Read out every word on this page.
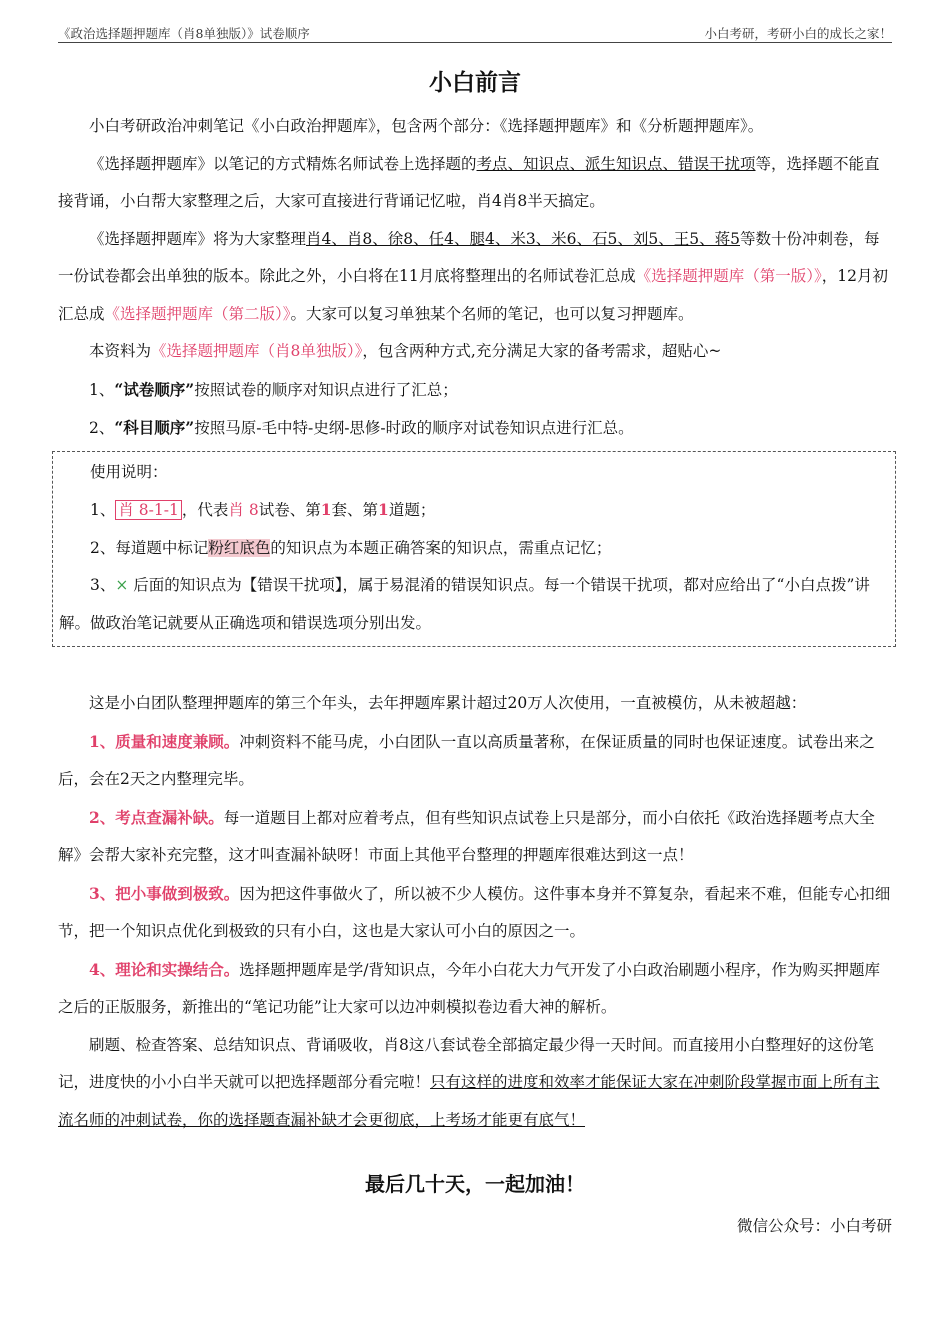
《政治选择题押题库（肖8单独版）》试卷顺序	小白考研，考研小白的成长之家！
小白前言

小白考研政治冲刺笔记《小白政治押题库》，包含两个部分：《选择题押题库》和《分析题押题库》。

《选择题押题库》以笔记的方式精炼名师试卷上选择题的考点、知识点、派生知识点、错误干扰项等，选择题不能直接背诵，小白帮大家整理之后，大家可直接进行背诵记忆啦，肖4肖8半天搞定。

《选择题押题库》将为大家整理肖4、肖8、徐8、任4、腿4、米3、米6、石5、刘5、王5、蒋5等数十份冲刺卷，每一份试卷都会出单独的版本。除此之外，小白将在11月底将整理出的名师试卷汇总成《选择题押题库（第一版）》，12月初汇总成《选择题押题库（第二版）》。大家可以复习单独某个名师的笔记，也可以复习押题库。

本资料为《选择题押题库（肖8单独版）》，包含两种方式,充分满足大家的备考需求，超贴心~

1、“试卷顺序”按照试卷的顺序对知识点进行了汇总；

2、“科目顺序”按照马原-毛中特-史纲-思修-时政的顺序对试卷知识点进行汇总。

使用说明：

1、 肖 8-1-1 ，代表肖 8试卷、第1套、第1道题；

2、每道题中标记粉红底色的知识点为本题正确答案的知识点，需重点记忆；

3、× 后面的知识点为【错误干扰项】，属于易混淆的错误知识点。每一个错误干扰项，都对应给出了“小白点拨”讲解。做政治笔记就要从正确选项和错误选项分别出发。

这是小白团队整理押题库的第三个年头，去年押题库累计超过20万人次使用，一直被模仿，从未被超越：

1、质量和速度兼顾。冲刺资料不能马虎，小白团队一直以高质量著称，在保证质量的同时也保证速度。试卷出来之后，会在2天之内整理完毕。

2、考点查漏补缺。每一道题目上都对应着考点，但有些知识点试卷上只是部分，而小白依托《政治选择题考点大全解》会帮大家补充完整，这才叫查漏补缺呀！市面上其他平台整理的押题库很难达到这一点！

3、把小事做到极致。因为把这件事做火了，所以被不少人模仿。这件事本身并不算复杂，看起来不难，但能专心扣细节，把一个知识点优化到极致的只有小白，这也是大家认可小白的原因之一。

4、理论和实操结合。选择题押题库是学/背知识点，今年小白花大力气开发了小白政治刷题小程序，作为购买押题库之后的正版服务，新推出的“笔记功能”让大家可以边冲刺模拟卷边看大神的解析。

刷题、检查答案、总结知识点、背诵吸收，肖8这八套试卷全部搞定最少得一天时间。而直接用小白整理好的这份笔记，进度快的小小白半天就可以把选择题部分看完啦！只有这样的进度和效率才能保证大家在冲刺阶段掌握市面上所有主流名师的冲刺试卷，你的选择题查漏补缺才会更彻底，上考场才能更有底气！

最后几十天，一起加油！
微信公众号：小白考研
